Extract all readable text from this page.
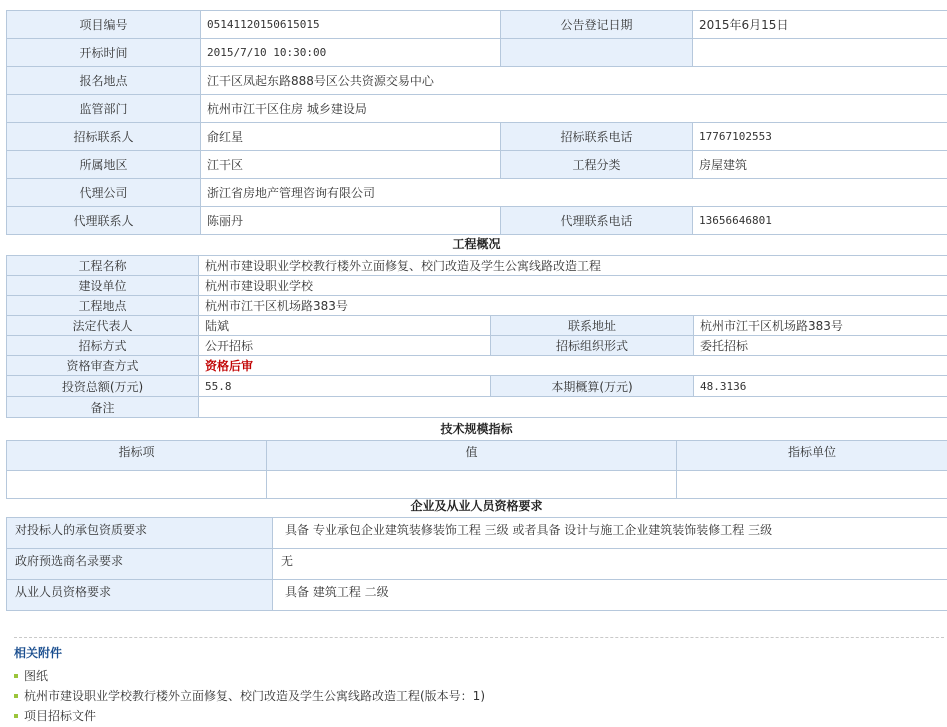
项目编号	05141120150615015	公告登记日期	2015年6月15日
开标时间	2015/7/10 10:30:00		
报名地点	江干区凤起东路888号区公共资源交易中心		
监管部门	杭州市江干区住房 城乡建设局		
招标联系人	俞红星	招标联系电话	17767102553
所属地区	江干区	工程分类	房屋建筑
代理公司	浙江省房地产管理咨询有限公司		
代理联系人	陈丽丹	代理联系电话	13656646801
工程概况
工程名称	杭州市建设职业学校教行楼外立面修复、校门改造及学生公寓线路改造工程		
建设单位	杭州市建设职业学校		
工程地点	杭州市江干区机场路383号		
法定代表人	陆斌	联系地址	杭州市江干区机场路383号
招标方式	公开招标	招标组织形式	委托招标
资格审查方式	资格后审		
投资总额(万元)	55.8	本期概算(万元)	48.3136
备注			
技术规模指标
指标项	值	指标单位

企业及从业人员资格要求
对投标人的承包资质要求	具备 专业承包企业建筑装修装饰工程 三级 或者具备 设计与施工企业建筑装饰装修工程 三级
政府预选商名录要求	无
从业人员资格要求	具备 建筑工程 二级
相关附件
图纸
杭州市建设职业学校教行楼外立面修复、校门改造及学生公寓线路改造工程(版本号：1)
项目招标文件
